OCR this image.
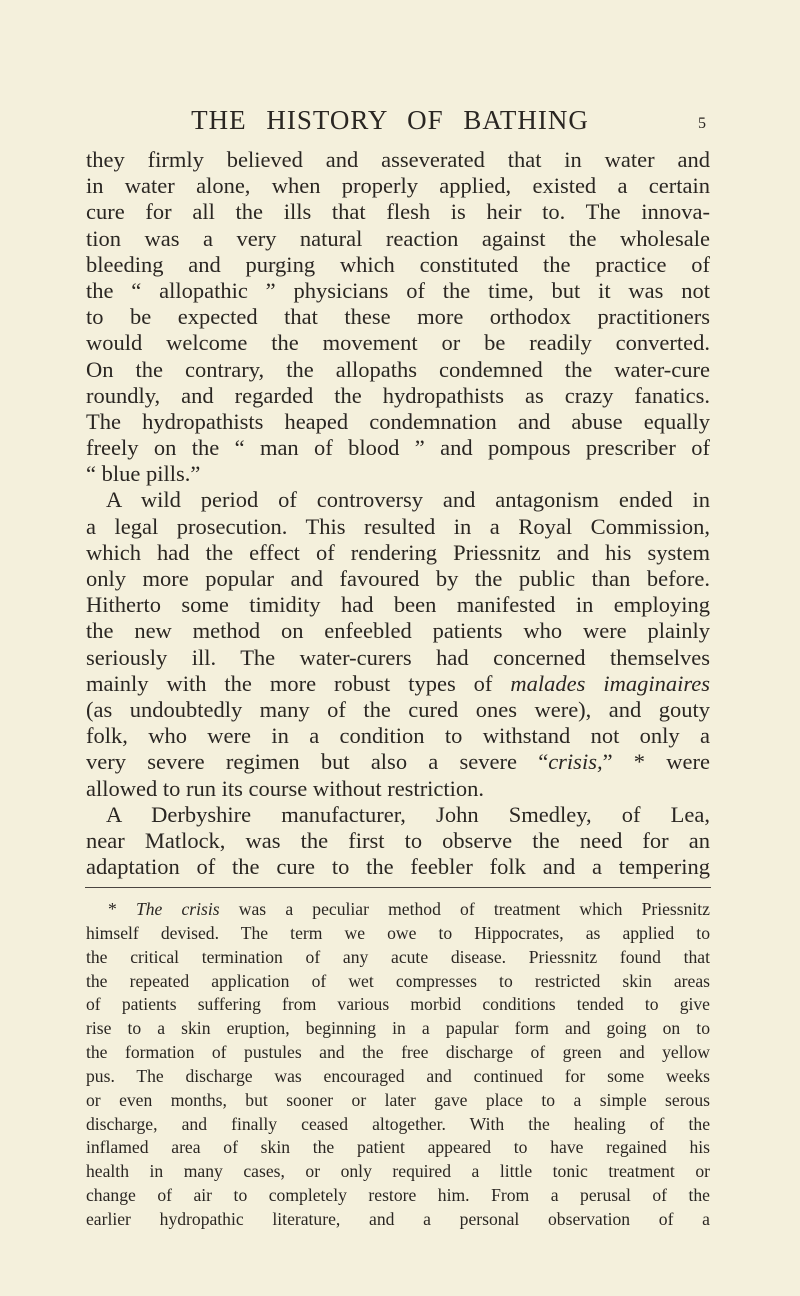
THE HISTORY OF BATHING	5
they firmly believed and asseverated that in water and
in water alone, when properly applied, existed a certain
cure for all the ills that flesh is heir to. The innova-
tion was a very natural reaction against the wholesale
bleeding and purging which constituted the practice of
the “ allopathic ” physicians of the time, but it was not
to be expected that these more orthodox practitioners
would welcome the movement or be readily converted.
On the contrary, the allopaths condemned the water-cure
roundly, and regarded the hydropathists as crazy fanatics.
The hydropathists heaped condemnation and abuse equally
freely on the “ man of blood ” and pompous prescriber of
“ blue pills.”
A wild period of controversy and antagonism ended in
a legal prosecution. This resulted in a Royal Commission,
which had the effect of rendering Priessnitz and his system
only more popular and favoured by the public than before.
Hitherto some timidity had been manifested in employing
the new method on enfeebled patients who were plainly
seriously ill. The water-curers had concerned themselves
mainly with the more robust types of malades imaginaires
(as undoubtedly many of the cured ones were), and gouty
folk, who were in a condition to withstand not only a
very severe regimen but also a severe “crisis,” * were
allowed to run its course without restriction.
A Derbyshire manufacturer, John Smedley, of Lea,
near Matlock, was the first to observe the need for an
adaptation of the cure to the feebler folk and a tempering
* The crisis was a peculiar method of treatment which Priessnitz
himself devised. The term we owe to Hippocrates, as applied to
the critical termination of any acute disease. Priessnitz found that
the repeated application of wet compresses to restricted skin areas
of patients suffering from various morbid conditions tended to give
rise to a skin eruption, beginning in a papular form and going on to
the formation of pustules and the free discharge of green and yellow
pus. The discharge was encouraged and continued for some weeks
or even months, but sooner or later gave place to a simple serous
discharge, and finally ceased altogether. With the healing of the
inflamed area of skin the patient appeared to have regained his
health in many cases, or only required a little tonic treatment or
change of air to completely restore him. From a perusal of the
earlier hydropathic literature, and a personal observation of a
